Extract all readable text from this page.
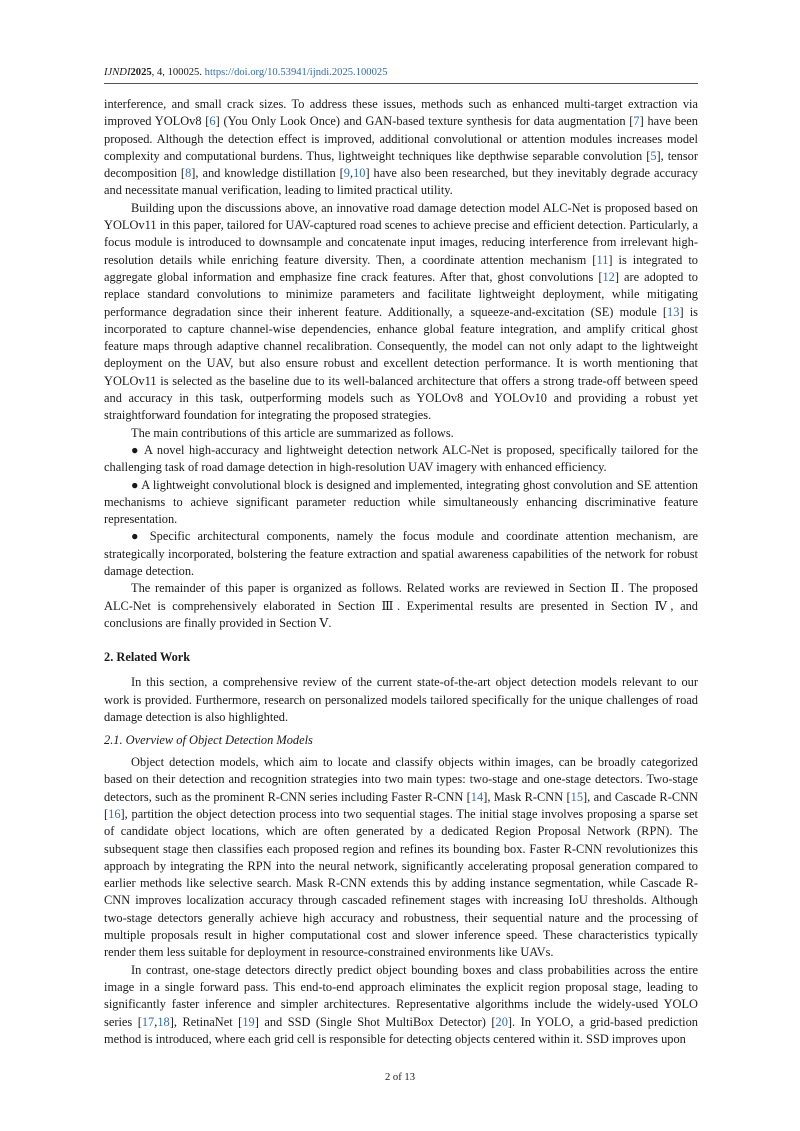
IJNDI2025, 4, 100025. https://doi.org/10.53941/ijndi.2025.100025

interference, and small crack sizes. To address these issues, methods such as enhanced multi-target extraction via improved YOLOv8 [6] (You Only Look Once) and GAN-based texture synthesis for data augmentation [7] have been proposed. Although the detection effect is improved, additional convolutional or attention modules increases model complexity and computational burdens. Thus, lightweight techniques like depthwise separable convolution [5], tensor decomposition [8], and knowledge distillation [9,10] have also been researched, but they inevitably degrade accuracy and necessitate manual verification, leading to limited practical utility.

Building upon the discussions above, an innovative road damage detection model ALC-Net is proposed based on YOLOv11 in this paper, tailored for UAV-captured road scenes to achieve precise and efficient detection. Particularly, a focus module is introduced to downsample and concatenate input images, reducing interference from irrelevant high-resolution details while enriching feature diversity. Then, a coordinate attention mechanism [11] is integrated to aggregate global information and emphasize fine crack features. After that, ghost convolutions [12] are adopted to replace standard convolutions to minimize parameters and facilitate lightweight deployment, while mitigating performance degradation since their inherent feature. Additionally, a squeeze-and-excitation (SE) module [13] is incorporated to capture channel-wise dependencies, enhance global feature integration, and amplify critical ghost feature maps through adaptive channel recalibration. Consequently, the model can not only adapt to the lightweight deployment on the UAV, but also ensure robust and excellent detection performance. It is worth mentioning that YOLOv11 is selected as the baseline due to its well-balanced architecture that offers a strong trade-off between speed and accuracy in this task, outperforming models such as YOLOv8 and YOLOv10 and providing a robust yet straightforward foundation for integrating the proposed strategies.

The main contributions of this article are summarized as follows.

● A novel high-accuracy and lightweight detection network ALC-Net is proposed, specifically tailored for the challenging task of road damage detection in high-resolution UAV imagery with enhanced efficiency.

● A lightweight convolutional block is designed and implemented, integrating ghost convolution and SE attention mechanisms to achieve significant parameter reduction while simultaneously enhancing discriminative feature representation.

● Specific architectural components, namely the focus module and coordinate attention mechanism, are strategically incorporated, bolstering the feature extraction and spatial awareness capabilities of the network for robust damage detection.

The remainder of this paper is organized as follows. Related works are reviewed in Section Ⅱ. The proposed ALC-Net is comprehensively elaborated in Section Ⅲ. Experimental results are presented in Section Ⅳ, and conclusions are finally provided in Section Ⅴ.

2. Related Work

In this section, a comprehensive review of the current state-of-the-art object detection models relevant to our work is provided. Furthermore, research on personalized models tailored specifically for the unique challenges of road damage detection is also highlighted.

2.1. Overview of Object Detection Models

Object detection models, which aim to locate and classify objects within images, can be broadly categorized based on their detection and recognition strategies into two main types: two-stage and one-stage detectors. Two-stage detectors, such as the prominent R-CNN series including Faster R-CNN [14], Mask R-CNN [15], and Cascade R-CNN [16], partition the object detection process into two sequential stages. The initial stage involves proposing a sparse set of candidate object locations, which are often generated by a dedicated Region Proposal Network (RPN). The subsequent stage then classifies each proposed region and refines its bounding box. Faster R-CNN revolutionizes this approach by integrating the RPN into the neural network, significantly accelerating proposal generation compared to earlier methods like selective search. Mask R-CNN extends this by adding instance segmentation, while Cascade R-CNN improves localization accuracy through cascaded refinement stages with increasing IoU thresholds. Although two-stage detectors generally achieve high accuracy and robustness, their sequential nature and the processing of multiple proposals result in higher computational cost and slower inference speed. These characteristics typically render them less suitable for deployment in resource-constrained environments like UAVs.

In contrast, one-stage detectors directly predict object bounding boxes and class probabilities across the entire image in a single forward pass. This end-to-end approach eliminates the explicit region proposal stage, leading to significantly faster inference and simpler architectures. Representative algorithms include the widely-used YOLO series [17,18], RetinaNet [19] and SSD (Single Shot MultiBox Detector) [20]. In YOLO, a grid-based prediction method is introduced, where each grid cell is responsible for detecting objects centered within it. SSD improves upon

2 of 13
